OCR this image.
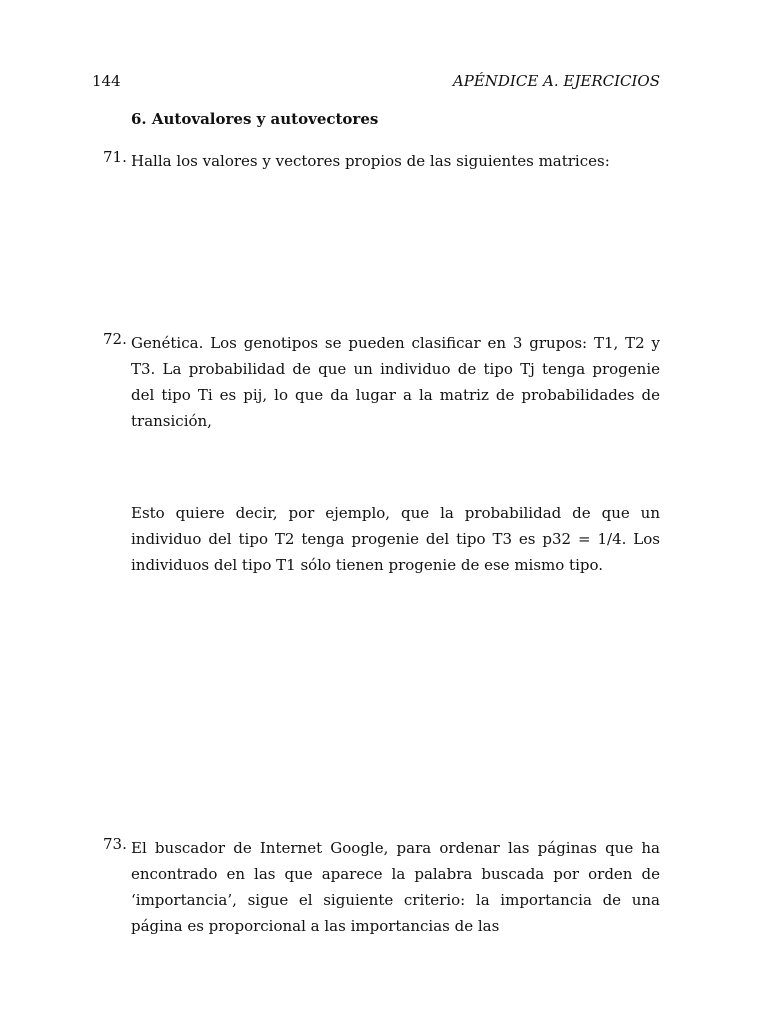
144	APÉNDICE A. EJERCICIOS
6. Autovalores y autovectores
71. Halla los valores y vectores propios de las siguientes matrices:
72. Genética. Los genotipos se pueden clasificar en 3 grupos: T1, T2 y T3. La probabilidad de que un individuo de tipo Tj tenga progenie del tipo Ti es pij, lo que da lugar a la matriz de probabilidades de transición,
Esto quiere decir, por ejemplo, que la probabilidad de que un individuo del tipo T2 tenga progenie del tipo T3 es p32 = 1/4. Los individuos del tipo T1 sólo tienen progenie de ese mismo tipo.
73. El buscador de Internet Google, para ordenar las páginas que ha encontrado en las que aparece la palabra buscada por orden de ‘importancia’, sigue el siguiente criterio: la importancia de una página es proporcional a las importancias de las
